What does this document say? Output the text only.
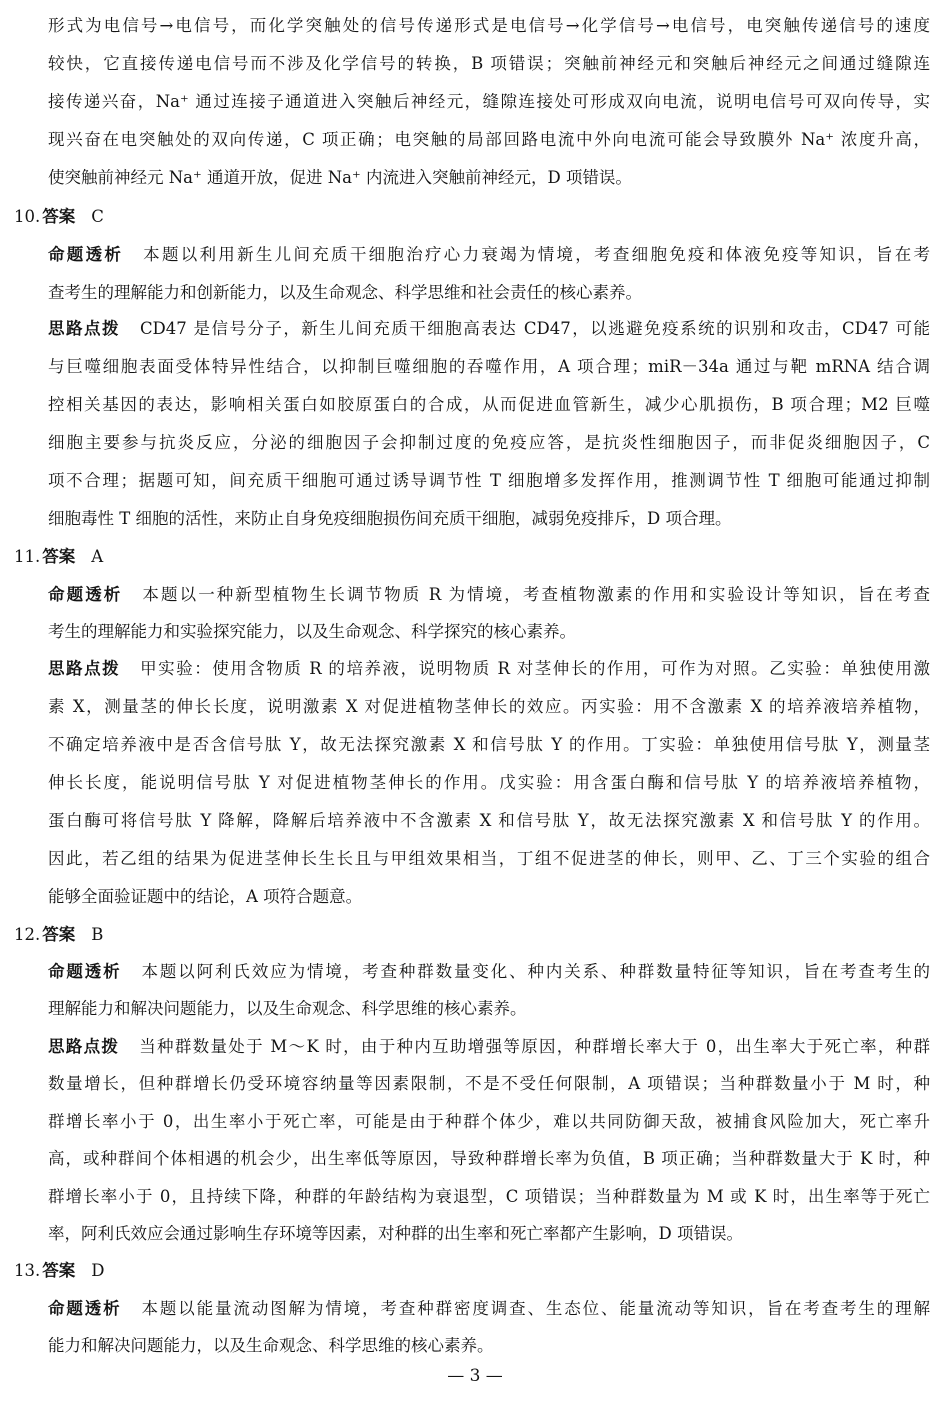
形式为电信号→电信号，而化学突触处的信号传递形式是电信号→化学信号→电信号，电突触传递信号的速度
较快，它直接传递电信号而不涉及化学信号的转换，B 项错误；突触前神经元和突触后神经元之间通过缝隙连
接传递兴奋，Na⁺ 通过连接子通道进入突触后神经元，缝隙连接处可形成双向电流，说明电信号可双向传导，实
现兴奋在电突触处的双向传递，C 项正确；电突触的局部回路电流中外向电流可能会导致膜外 Na⁺ 浓度升高，
使突触前神经元 Na⁺ 通道开放，促进 Na⁺ 内流进入突触前神经元，D 项错误。
10. 答案 C
命题透析 本题以利用新生儿间充质干细胞治疗心力衰竭为情境，考查细胞免疫和体液免疫等知识，旨在考
查考生的理解能力和创新能力，以及生命观念、科学思维和社会责任的核心素养。
思路点拨 CD47 是信号分子，新生儿间充质干细胞高表达 CD47，以逃避免疫系统的识别和攻击，CD47 可能
与巨噬细胞表面受体特异性结合，以抑制巨噬细胞的吞噬作用，A 项合理；miR－34a 通过与靶 mRNA 结合调
控相关基因的表达，影响相关蛋白如胶原蛋白的合成，从而促进血管新生，减少心肌损伤，B 项合理；M2 巨噬
细胞主要参与抗炎反应，分泌的细胞因子会抑制过度的免疫应答，是抗炎性细胞因子，而非促炎细胞因子，C
项不合理；据题可知，间充质干细胞可通过诱导调节性 T 细胞增多发挥作用，推测调节性 T 细胞可能通过抑制
细胞毒性 T 细胞的活性，来防止自身免疫细胞损伤间充质干细胞，减弱免疫排斥，D 项合理。
11. 答案 A
命题透析 本题以一种新型植物生长调节物质 R 为情境，考查植物激素的作用和实验设计等知识，旨在考查
考生的理解能力和实验探究能力，以及生命观念、科学探究的核心素养。
思路点拨 甲实验：使用含物质 R 的培养液，说明物质 R 对茎伸长的作用，可作为对照。乙实验：单独使用激
素 X，测量茎的伸长长度，说明激素 X 对促进植物茎伸长的效应。丙实验：用不含激素 X 的培养液培养植物，
不确定培养液中是否含信号肽 Y，故无法探究激素 X 和信号肽 Y 的作用。丁实验：单独使用信号肽 Y，测量茎
伸长长度，能说明信号肽 Y 对促进植物茎伸长的作用。戊实验：用含蛋白酶和信号肽 Y 的培养液培养植物，
蛋白酶可将信号肽 Y 降解，降解后培养液中不含激素 X 和信号肽 Y，故无法探究激素 X 和信号肽 Y 的作用。
因此，若乙组的结果为促进茎伸长生长且与甲组效果相当，丁组不促进茎的伸长，则甲、乙、丁三个实验的组合
能够全面验证题中的结论，A 项符合题意。
12. 答案 B
命题透析 本题以阿利氏效应为情境，考查种群数量变化、种内关系、种群数量特征等知识，旨在考查考生的
理解能力和解决问题能力，以及生命观念、科学思维的核心素养。
思路点拨 当种群数量处于 M～K 时，由于种内互助增强等原因，种群增长率大于 0，出生率大于死亡率，种群
数量增长，但种群增长仍受环境容纳量等因素限制，不是不受任何限制，A 项错误；当种群数量小于 M 时，种
群增长率小于 0，出生率小于死亡率，可能是由于种群个体少，难以共同防御天敌，被捕食风险加大，死亡率升
高，或种群间个体相遇的机会少，出生率低等原因，导致种群增长率为负值，B 项正确；当种群数量大于 K 时，种
群增长率小于 0，且持续下降，种群的年龄结构为衰退型，C 项错误；当种群数量为 M 或 K 时，出生率等于死亡
率，阿利氏效应会通过影响生存环境等因素，对种群的出生率和死亡率都产生影响，D 项错误。
13. 答案 D
命题透析 本题以能量流动图解为情境，考查种群密度调查、生态位、能量流动等知识，旨在考查考生的理解
能力和解决问题能力，以及生命观念、科学思维的核心素养。
— 3 —
